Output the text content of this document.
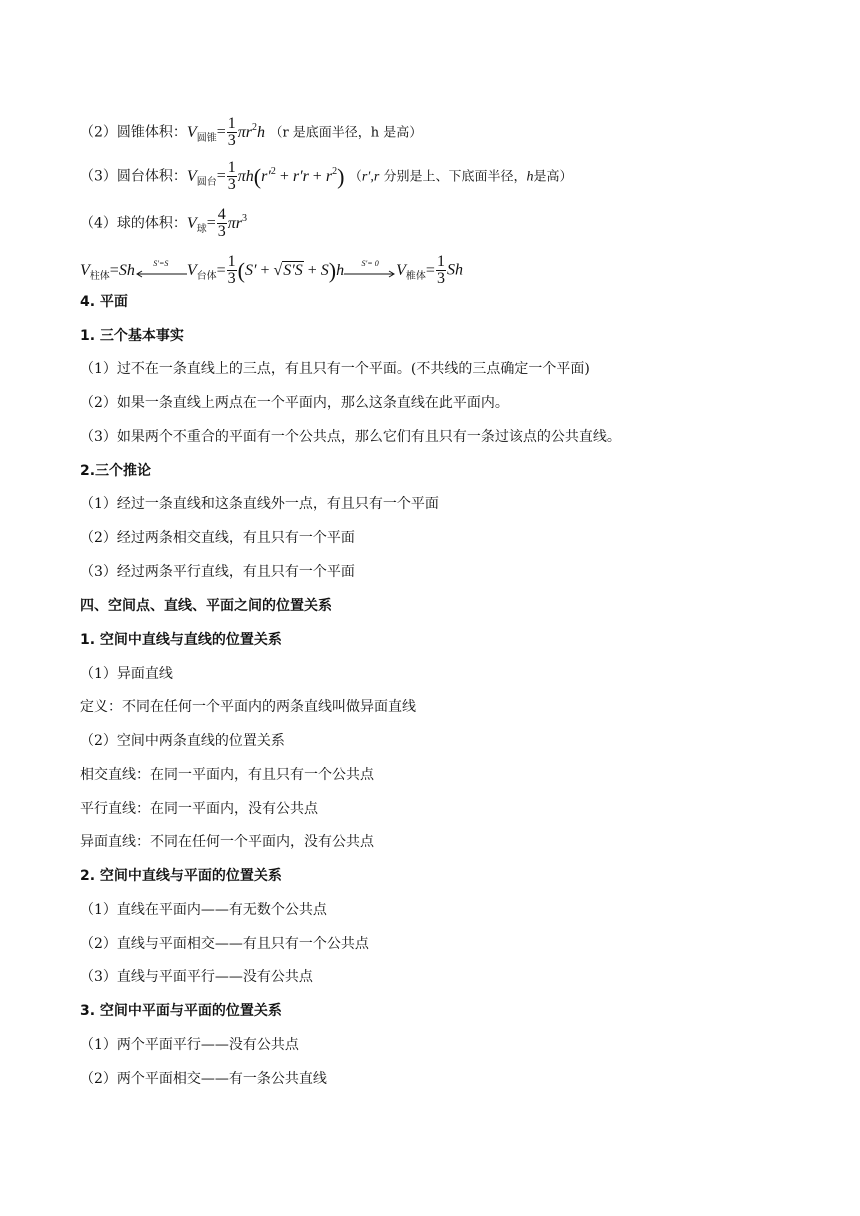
（2）圆锥体积：$V_{圆锥}= \frac{1}{3} \pi r^2h$ （r 是底面半径，h 是高）
（3）圆台体积：$V_{圆台}= \frac{1}{3} \pi h(r'^2 + r'r + r^2)$ （r′,r 分别是上、下底面半径，h是高）
（4）球的体积：$V_球= \frac{4}{3} \pi r^3$
$V_{柱体}=Sh$	S′=S	$V_{台体}= \frac{1}{3} (S' + √S'S + S)h$	S′= 0	$V_{椎体}= \frac{1}{3}$ Sh
4. 平面
1. 三个基本事实
（1）过不在一条直线上的三点，有且只有一个平面。(不共线的三点确定一个平面)
（2）如果一条直线上两点在一个平面内，那么这条直线在此平面内。
（3）如果两个不重合的平面有一个公共点，那么它们有且只有一条过该点的公共直线。
2.三个推论
（1）经过一条直线和这条直线外一点，有且只有一个平面
（2）经过两条相交直线，有且只有一个平面
（3）经过两条平行直线，有且只有一个平面
四、空间点、直线、平面之间的位置关系
1. 空间中直线与直线的位置关系
（1）异面直线
定义：不同在任何一个平面内的两条直线叫做异面直线
（2）空间中两条直线的位置关系
相交直线：在同一平面内，有且只有一个公共点
平行直线：在同一平面内，没有公共点
异面直线：不同在任何一个平面内，没有公共点
2. 空间中直线与平面的位置关系
（1）直线在平面内——有无数个公共点
（2）直线与平面相交——有且只有一个公共点
（3）直线与平面平行——没有公共点
3. 空间中平面与平面的位置关系
（1）两个平面平行——没有公共点
（2）两个平面相交——有一条公共直线
